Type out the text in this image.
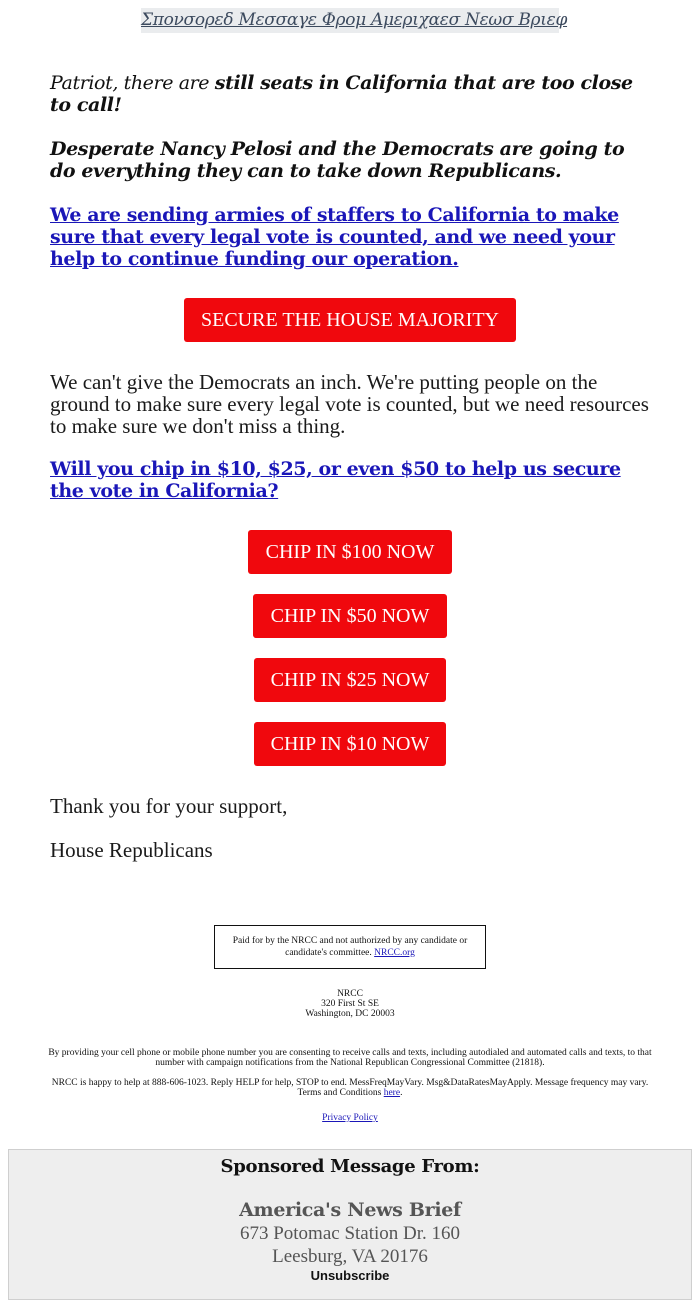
Σπονσορεδ Μεσσαγε Φρομ Αμεριχαεσ Νεωσ Βριεφ
Patriot, there are still seats in California that are too close to call!
Desperate Nancy Pelosi and the Democrats are going to do everything they can to take down Republicans.
We are sending armies of staffers to California to make sure that every legal vote is counted, and we need your help to continue funding our operation.
SECURE THE HOUSE MAJORITY
We can't give the Democrats an inch. We're putting people on the ground to make sure every legal vote is counted, but we need resources to make sure we don't miss a thing.
Will you chip in $10, $25, or even $50 to help us secure the vote in California?
CHIP IN $100 NOW
CHIP IN $50 NOW
CHIP IN $25 NOW
CHIP IN $10 NOW
Thank you for your support,
House Republicans
Paid for by the NRCC and not authorized by any candidate or candidate's committee. NRCC.org
NRCC
320 First St SE
Washington, DC 20003
By providing your cell phone or mobile phone number you are consenting to receive calls and texts, including autodialed and automated calls and texts, to that number with campaign notifications from the National Republican Congressional Committee (21818).
NRCC is happy to help at 888-606-1023. Reply HELP for help, STOP to end. MessFreqMayVary. Msg&DataRatesMayApply. Message frequency may vary. Terms and Conditions here.
Privacy Policy
Sponsored Message From:
America's News Brief
673 Potomac Station Dr. 160
Leesburg, VA 20176
Unsubscribe
